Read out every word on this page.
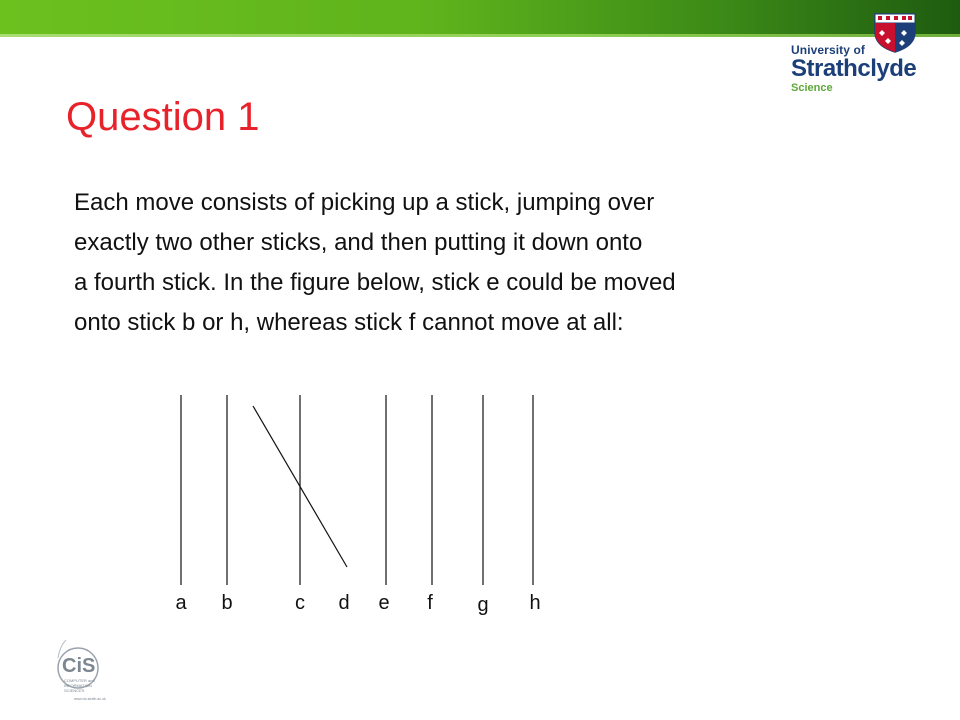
University of
Strathclyde
Science
Question 1
Each move consists of picking up a stick, jumping over
exactly two other sticks, and then putting it down onto
a fourth stick. In the figure below, stick e could be moved
onto stick b or h, whereas stick f cannot move at all:
a b	c d e f g h
CiS
COMPUTER and
INFORMATION
SCIENCES
www.cis.strath.ac.uk
